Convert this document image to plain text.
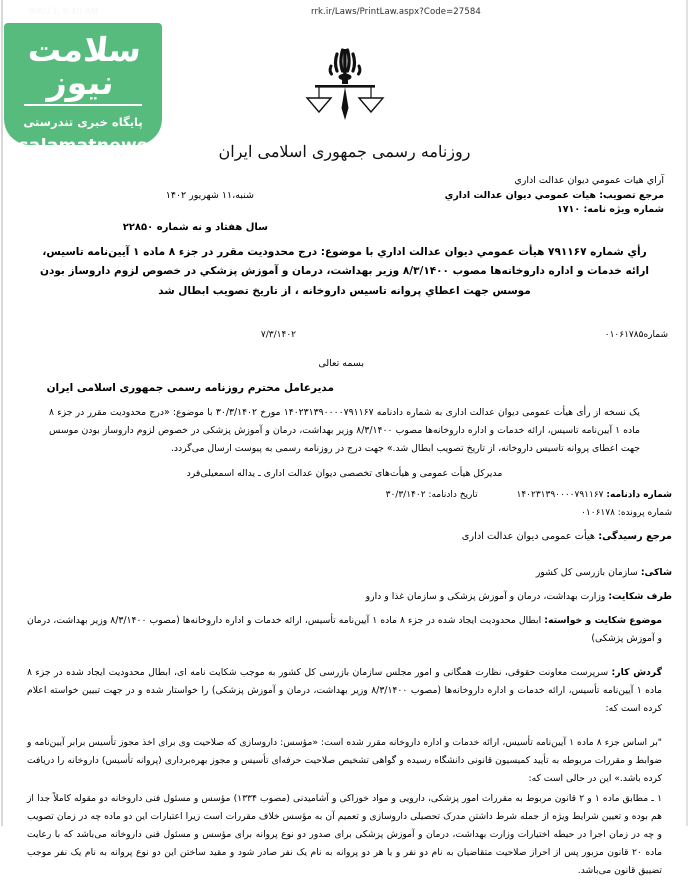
9/8/23, 9:40 AM	rrk.ir/Laws/PrintLaw.aspx?Code=27584
سلامت نیوز
پایگاه خبری تندرستی
salamatnews	روزنامه رسمی جمهوری اسلامی ایران
آراي هيات عمومي ديوان عدالت اداري
مرجع تصويب: هيات عمومي ديوان عدالت اداري
شماره ويژه نامه: ۱۷۱۰
شنبه،۱۱ شهريور ۱۴۰۲
سال هفتاد و نه شماره ۲۲۸۵۰
رأي شماره ۷۹۱۱۶۷ هيأت عمومي ديوان عدالت اداري با موضوع: درج محدوديت مقرر در جزء ۸ ماده ۱ آيين‌نامه تاسيس، ارائه خدمات و اداره داروخانه‌ها مصوب ۸/۳/۱۴۰۰ وزير بهداشت، درمان و آموزش پزشکي در خصوص لزوم داروساز بودن موسس جهت اعطاي پروانه تاسيس داروخانه ، از تاريخ تصويب ابطال شد
شماره۰۱۰۶۱۷۸۵
۷/۳/۱۴۰۲
بسمه تعالی
مدیرعامل محترم روزنامه رسمی جمهوری اسلامی ایران
یک نسخه از رأی هیأت عمومی دیوان عدالت اداری به شماره دادنامه ۱۴۰۲۳۱۳۹۰۰۰۰۷۹۱۱۶۷ مورخ ۳۰/۳/۱۴۰۲ با موضوع: «درج محدودیت مقرر در جزء ۸ ماده ۱ آیین‌نامه تاسیس، ارائه خدمات و اداره داروخانه‌ها مصوب ۸/۳/۱۴۰۰ وزیر بهداشت، درمان و آموزش پزشکی در خصوص لزوم داروساز بودن موسس جهت اعطای پروانه تاسیس داروخانه، از تاریخ تصویب ابطال شد.» جهت درج در روزنامه رسمی به پیوست ارسال می‌گردد.
مدیرکل هیأت عمومی و هیأت‌های تخصصی دیوان عدالت اداری ـ یداله اسمعیلی‌فرد
شماره دادنامه: ۱۴۰۲۳۱۳۹۰۰۰۰۷۹۱۱۶۷ تاریخ دادنامه: ۳۰/۳/۱۴۰۲
شماره پرونده: ۰۱۰۶۱۷۸
مرجع رسیدگی: هیأت عمومی دیوان عدالت اداری
شاکی: سازمان بازرسی کل کشور
طرف شکایت: وزارت بهداشت، درمان و آموزش پزشکی و سازمان غذا و دارو
موضوع شکایت و خواسته: ابطال محدودیت ایجاد شده در جزء ۸ ماده ۱ آیین‌نامه تأسیس، ارائه خدمات و اداره داروخانه‌ها (مصوب ۸/۳/۱۴۰۰ وزیر بهداشت، درمان و آموزش پزشکی)
گردش کار: سرپرست معاونت حقوقی، نظارت همگانی و امور مجلس سازمان بازرسی کل کشور به موجب شکایت نامه ای، ابطال محدودیت ایجاد شده در جزء ۸ ماده ۱ آیین‌نامه تأسیس، ارائه خدمات و اداره داروخانه‌ها (مصوب ۸/۳/۱۴۰۰ وزیر بهداشت، درمان و آموزش پزشکی) را خواستار شده و در جهت تبیین خواسته اعلام کرده است که:
"بر اساس جزء ۸ ماده ۱ آیین‌نامه تأسیس، ارائه خدمات و اداره داروخانه مقرر شده است: «مؤسس: داروسازی که صلاحیت وی برای اخذ مجوز تأسیس برابر آیین‌نامه و ضوابط و مقررات مربوطه به تأیید کمیسیون قانونی دانشگاه رسیده و گواهی تشخیص صلاحیت حرفه‌ای تأسیس و مجوز بهره‌برداری (پروانه تأسیس) داروخانه را دریافت کرده باشد.» این در حالی است که:
۱ ـ مطابق ماده ۱ و ۲ قانون مربوط به مقررات امور پزشکی، دارویی و مواد خوراکی و آشامیدنی (مصوب ۱۳۳۴) مؤسس و مسئول فنی داروخانه دو مقوله کاملاً جدا از هم بوده و تعیین شرایط ویژه از جمله شرط داشتن مدرک تحصیلی داروسازی و تعمیم آن به مؤسس خلاف مقررات است زیرا اعتبارات این دو ماده چه در زمان تصویب و چه در زمان اجرا در حیطه اختیارات وزارت بهداشت، درمان و آموزش پزشکی برای صدور دو نوع پروانه برای مؤسس و مسئول فنی داروخانه می‌باشد که با رعایت ماده ۲۰ قانون مزبور پس از احراز صلاحیت متقاضیان به نام دو نفر و یا هر دو پروانه به نام یک نفر صادر شود و مقید ساختن این دو نوع پروانه به نام یک نفر موجب تضییق قانون می‌باشد.
